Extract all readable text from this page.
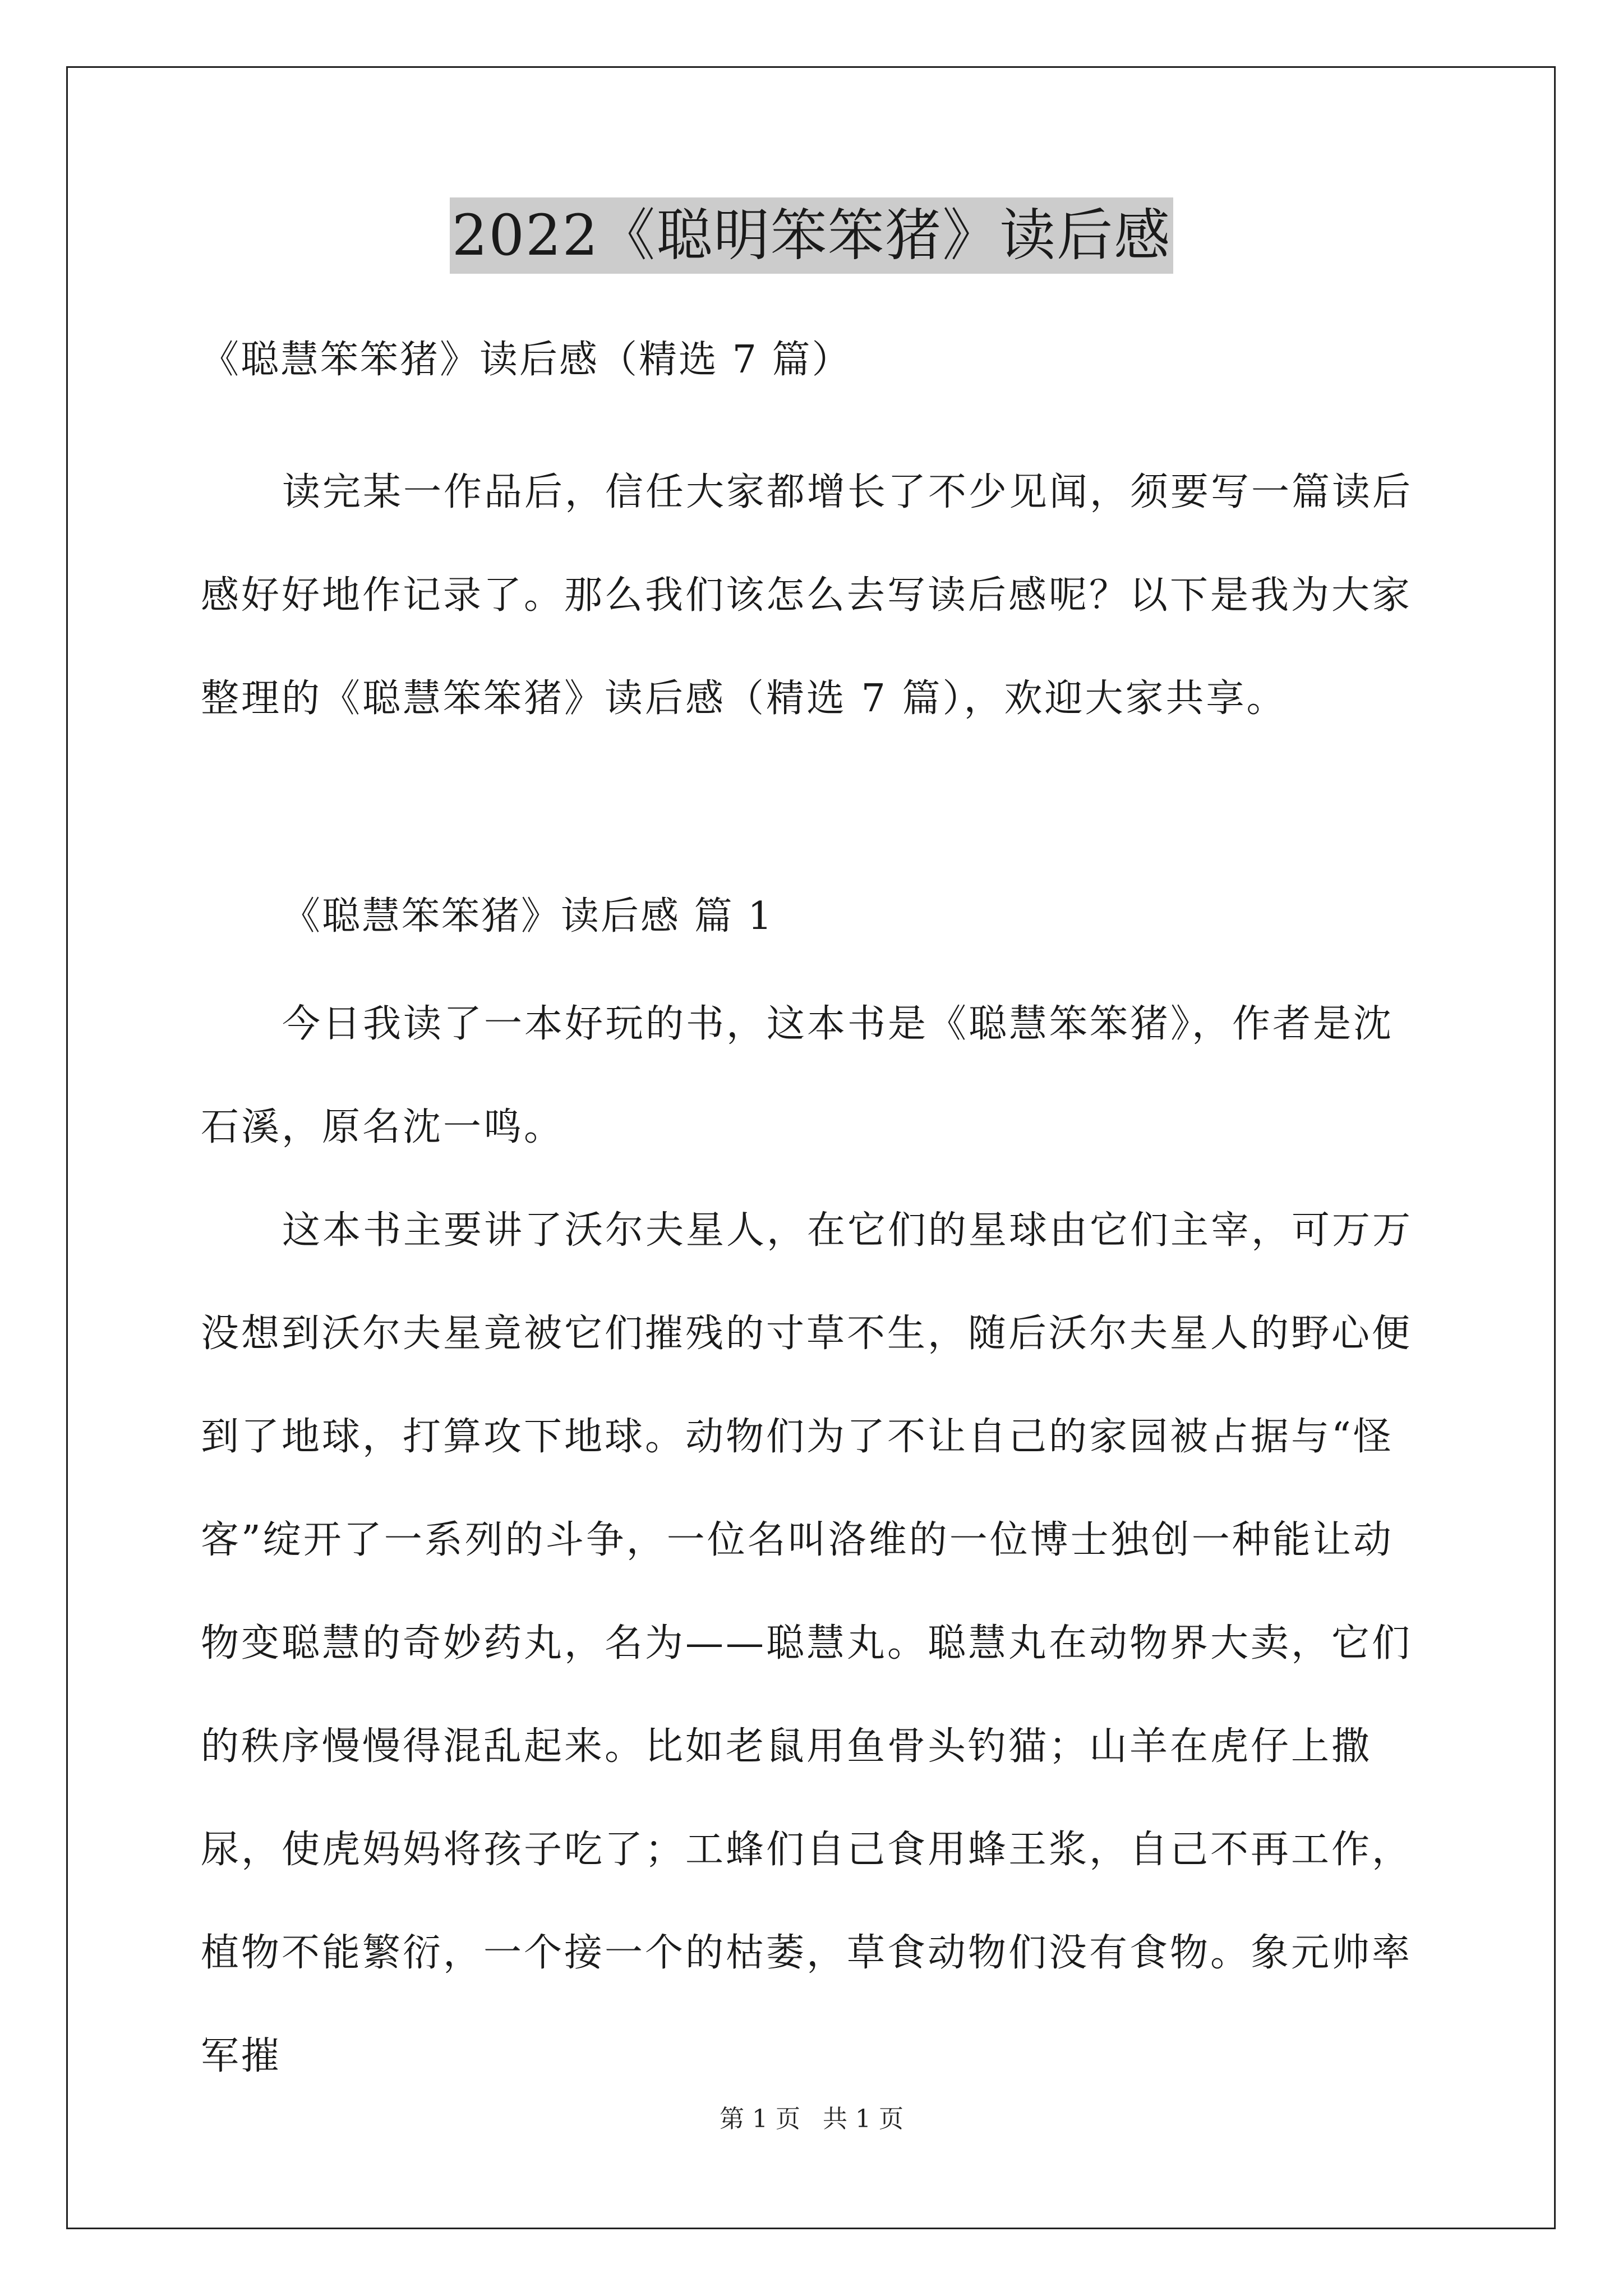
2022《聪明笨笨猪》读后感
《聪慧笨笨猪》读后感（精选 7 篇）

读完某一作品后，信任大家都增长了不少见闻，须要写一篇读后感好好地作记录了。那么我们该怎么去写读后感呢？以下是我为大家整理的《聪慧笨笨猪》读后感（精选 7 篇），欢迎大家共享。

《聪慧笨笨猪》读后感 篇 1

今日我读了一本好玩的书，这本书是《聪慧笨笨猪》，作者是沈石溪，原名沈一鸣。

这本书主要讲了沃尔夫星人，在它们的星球由它们主宰，可万万没想到沃尔夫星竟被它们摧残的寸草不生，随后沃尔夫星人的野心便到了地球，打算攻下地球。动物们为了不让自己的家园被占据与“怪客”绽开了一系列的斗争，一位名叫洛维的一位博士独创一种能让动物变聪慧的奇妙药丸，名为——聪慧丸。聪慧丸在动物界大卖，它们的秩序慢慢得混乱起来。比如老鼠用鱼骨头钓猫；山羊在虎仔上撒尿，使虎妈妈将孩子吃了；工蜂们自己食用蜂王浆，自己不再工作，植物不能繁衍，一个接一个的枯萎，草食动物们没有食物。象元帅率军摧

第 1 页 共 1 页
